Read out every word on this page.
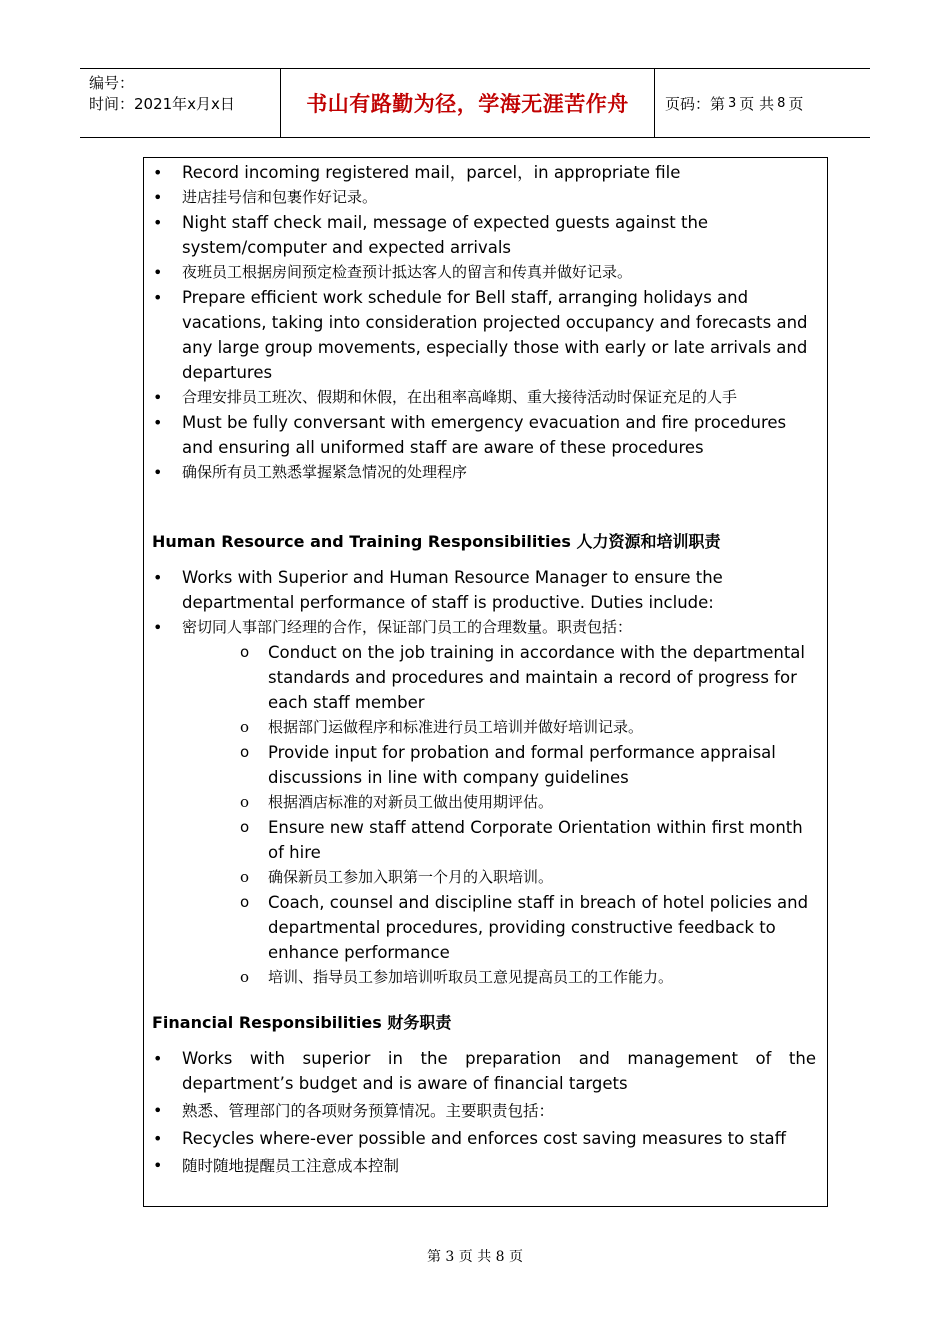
编号：
时间：2021年x月x日	书山有路勤为径，学海无涯苦作舟	页码：第 3 页 共 8 页
• Record incoming registered mail，parcel，in appropriate file
• 进店挂号信和包裹作好记录。
• Night staff check mail, message of expected guests against the system/computer and expected arrivals
• 夜班员工根据房间预定检查预计抵达客人的留言和传真并做好记录。
• Prepare efficient work schedule for Bell staff, arranging holidays and vacations, taking into consideration projected occupancy and forecasts and any large group movements, especially those with early or late arrivals and departures
• 合理安排员工班次、假期和休假，在出租率高峰期、重大接待活动时保证充足的人手
• Must be fully conversant with emergency evacuation and fire procedures and ensuring all uniformed staff are aware of these procedures
• 确保所有员工熟悉掌握紧急情况的处理程序

Human Resource and Training Responsibilities 人力资源和培训职责

• Works with Superior and Human Resource Manager to ensure the departmental performance of staff is productive. Duties include:
• 密切同人事部门经理的合作，保证部门员工的合理数量。职责包括：
o Conduct on the job training in accordance with the departmental standards and procedures and maintain a record of progress for each staff member
o 根据部门运做程序和标准进行员工培训并做好培训记录。
o Provide input for probation and formal performance appraisal discussions in line with company guidelines
o 根据酒店标准的对新员工做出使用期评估。
o Ensure new staff attend Corporate Orientation within first month of hire
o 确保新员工参加入职第一个月的入职培训。
o Coach, counsel and discipline staff in breach of hotel policies and departmental procedures, providing constructive feedback to enhance performance
o 培训、指导员工参加培训听取员工意见提高员工的工作能力。

Financial Responsibilities 财务职责

• Works with superior in the preparation and management of the
department’s budget and is aware of financial targets
• 熟悉、管理部门的各项财务预算情况。主要职责包括：
• Recycles where-ever possible and enforces cost saving measures to staff
• 随时随地提醒员工注意成本控制
第 3 页 共 8 页
